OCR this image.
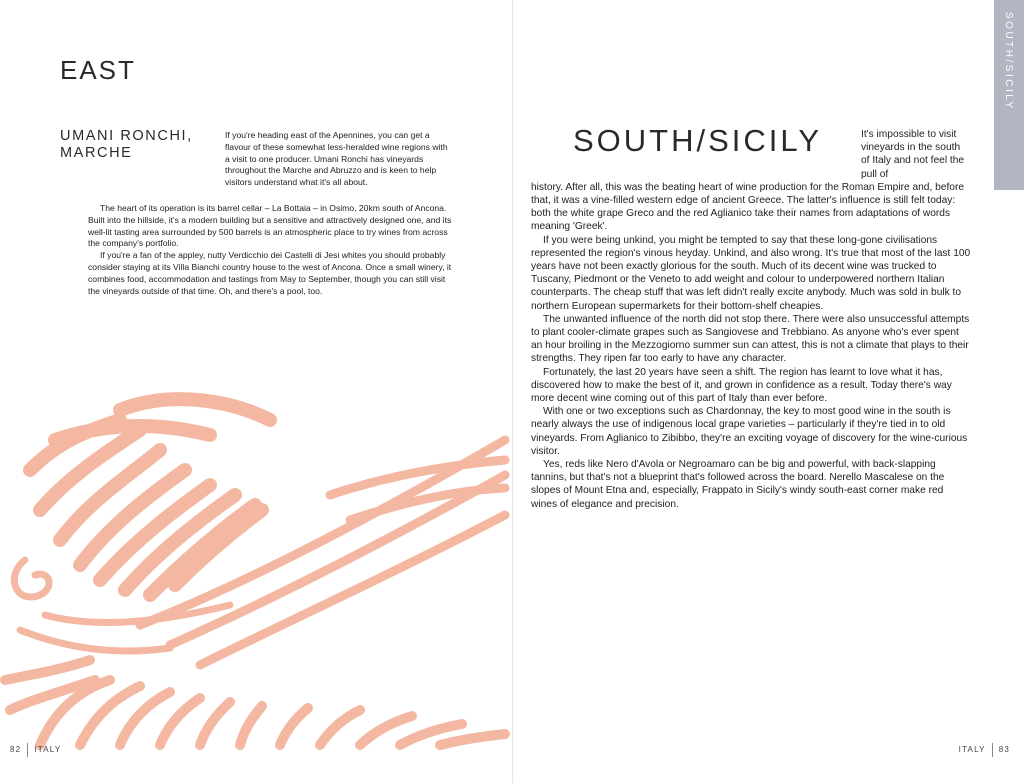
EAST
UMANI RONCHI, MARCHE

If you're heading east of the Apennines, you can get a flavour of these somewhat less-heralded wine regions with a visit to one producer. Umani Ronchi has vineyards throughout the Marche and Abruzzo and is keen to help visitors understand what it's all about.

The heart of its operation is its barrel cellar – La Bottaia – in Osimo, 20km south of Ancona. Built into the hillside, it's a modern building but a sensitive and attractively designed one, and its well-lit tasting area surrounded by 500 barrels is an atmospheric place to try wines from across the company's portfolio.

If you're a fan of the appley, nutty Verdicchio dei Castelli di Jesi whites you should probably consider staying at its Villa Bianchi country house to the west of Ancona. Once a small winery, it combines food, accommodation and tastings from May to September, though you can still visit the vineyards outside of that time. Oh, and there's a pool, too.

82 ITALY
SOUTH/SICILY
SOUTH/SICILY	It's impossible to visit vineyards in the south of Italy and not feel the pull of

history. After all, this was the beating heart of wine production for the Roman Empire and, before that, it was a vine-filled western edge of ancient Greece. The latter's influence is still felt today: both the white grape Greco and the red Aglianico take their names from adaptations of words meaning 'Greek'.

If you were being unkind, you might be tempted to say that these long-gone civilisations represented the region's vinous heyday. Unkind, and also wrong. It's true that most of the last 100 years have not been exactly glorious for the south. Much of its decent wine was trucked to Tuscany, Piedmont or the Veneto to add weight and colour to underpowered northern Italian counterparts. The cheap stuff that was left didn't really excite anybody. Much was sold in bulk to northern European supermarkets for their bottom-shelf cheapies.

The unwanted influence of the north did not stop there. There were also unsuccessful attempts to plant cooler-climate grapes such as Sangiovese and Trebbiano. As anyone who's ever spent an hour broiling in the Mezzogiorno summer sun can attest, this is not a climate that plays to their strengths. They ripen far too early to have any character.

Fortunately, the last 20 years have seen a shift. The region has learnt to love what it has, discovered how to make the best of it, and grown in confidence as a result. Today there's way more decent wine coming out of this part of Italy than ever before.

With one or two exceptions such as Chardonnay, the key to most good wine in the south is nearly always the use of indigenous local grape varieties – particularly if they're tied in to old vineyards. From Aglianico to Zibibbo, they're an exciting voyage of discovery for the wine-curious visitor.

Yes, reds like Nero d'Avola or Negroamaro can be big and powerful, with back-slapping tannins, but that's not a blueprint that's followed across the board. Nerello Mascalese on the slopes of Mount Etna and, especially, Frappato in Sicily's windy south-east corner make red wines of elegance and precision.

ITALY 83
